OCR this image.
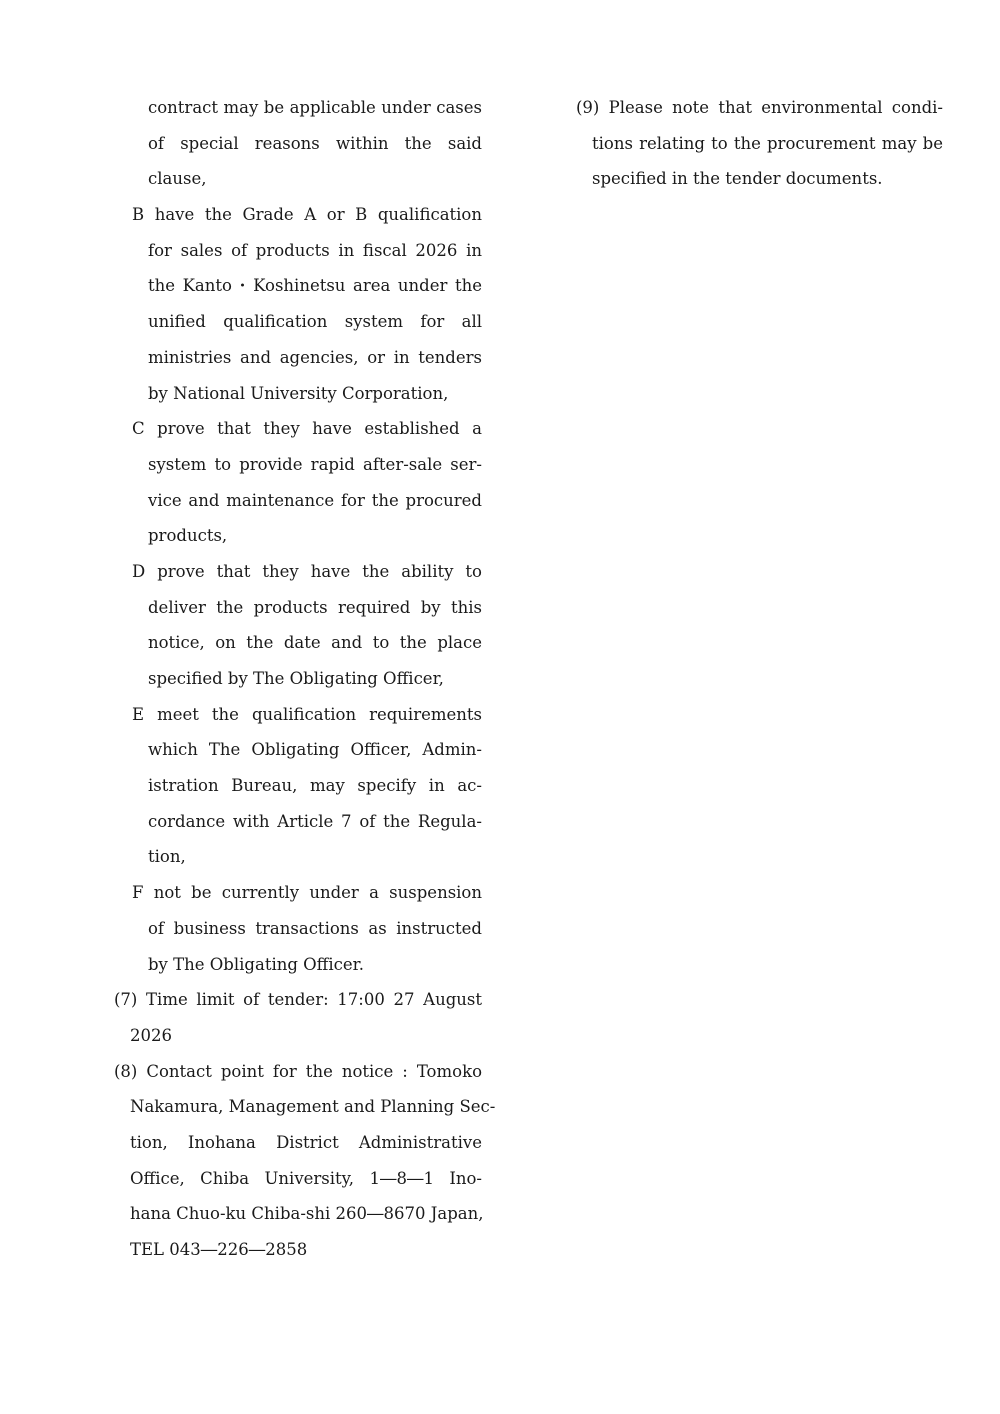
contract may be applicable under cases
of special reasons within the said
clause,
B have the Grade A or B qualification
for sales of products in fiscal 2026 in
the Kanto・Koshinetsu area under the
unified qualification system for all
ministries and agencies, or in tenders
by National University Corporation,
C prove that they have established a
system to provide rapid after-sale ser-
vice and maintenance for the procured
products,
D prove that they have the ability to
deliver the products required by this
notice, on the date and to the place
specified by The Obligating Officer,
E meet the qualification requirements
which The Obligating Officer, Admin-
istration Bureau, may specify in ac-
cordance with Article 7 of the Regula-
tion,
F not be currently under a suspension
of business transactions as instructed
by The Obligating Officer.
(7) Time limit of tender: 17:00 27 August
2026
(8) Contact point for the notice : Tomoko
Nakamura, Management and Planning Sec-
tion, Inohana District Administrative
Office, Chiba University, 1―8―1 Ino-
hana Chuo-ku Chiba-shi 260―8670 Japan,
TEL 043―226―2858
(9) Please note that environmental condi-
tions relating to the procurement may be
specified in the tender documents.
